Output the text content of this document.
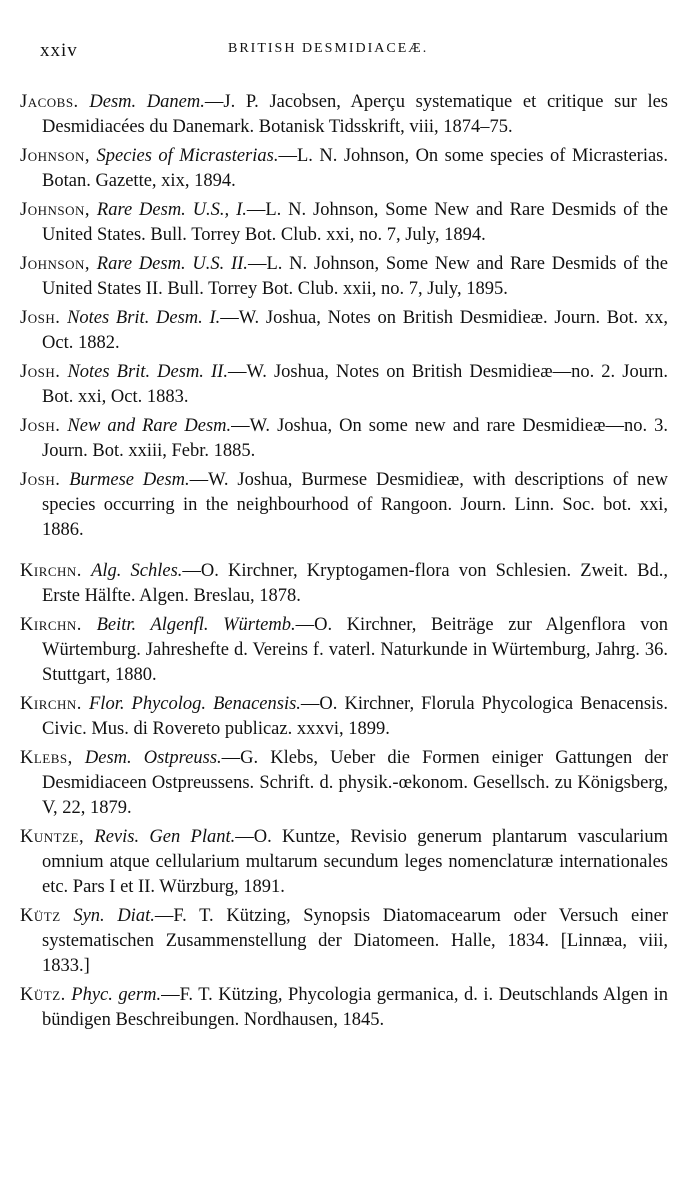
xxiv	BRITISH DESMIDIACEÆ.

Jacobs. Desm. Danem.—J. P. Jacobsen, Aperçu systematique et critique sur les Desmidiacées du Danemark. Botanisk Tidsskrift, viii, 1874–75.

Johnson, Species of Micrasterias.—L. N. Johnson, On some species of Micrasterias. Botan. Gazette, xix, 1894.

Johnson, Rare Desm. U.S., I.—L. N. Johnson, Some New and Rare Desmids of the United States. Bull. Torrey Bot. Club. xxi, no. 7, July, 1894.

Johnson, Rare Desm. U.S. II.—L. N. Johnson, Some New and Rare Desmids of the United States II. Bull. Torrey Bot. Club. xxii, no. 7, July, 1895.

Josh. Notes Brit. Desm. I.—W. Joshua, Notes on British Desmidieæ. Journ. Bot. xx, Oct. 1882.

Josh. Notes Brit. Desm. II.—W. Joshua, Notes on British Desmidieæ—no. 2. Journ. Bot. xxi, Oct. 1883.

Josh. New and Rare Desm.—W. Joshua, On some new and rare Desmidieæ—no. 3. Journ. Bot. xxiii, Febr. 1885.

Josh. Burmese Desm.—W. Joshua, Burmese Desmidieæ, with descriptions of new species occurring in the neighbourhood of Rangoon. Journ. Linn. Soc. bot. xxi, 1886.

Kirchn. Alg. Schles.—O. Kirchner, Kryptogamen-flora von Schlesien. Zweit. Bd., Erste Hälfte. Algen. Breslau, 1878.

Kirchn. Beitr. Algenfl. Würtemb.—O. Kirchner, Beiträge zur Algenflora von Würtemburg. Jahreshefte d. Vereins f. vaterl. Naturkunde in Würtemburg, Jahrg. 36. Stuttgart, 1880.

Kirchn. Flor. Phycolog. Benacensis.—O. Kirchner, Florula Phycologica Benacensis. Civic. Mus. di Rovereto publicaz. xxxvi, 1899.

Klebs, Desm. Ostpreuss.—G. Klebs, Ueber die Formen einiger Gattungen der Desmidiaceen Ostpreussens. Schrift. d. physik.-œkonom. Gesellsch. zu Königsberg, V, 22, 1879.

Kuntze, Revis. Gen Plant.—O. Kuntze, Revisio generum plantarum vascularium omnium atque cellularium multarum secundum leges nomenclaturæ internationales etc. Pars I et II. Würzburg, 1891.

Kütz Syn. Diat.—F. T. Kützing, Synopsis Diatomacearum oder Versuch einer systematischen Zusammenstellung der Diatomeen. Halle, 1834. [Linnæa, viii, 1833.]

Kütz. Phyc. germ.—F. T. Kützing, Phycologia germanica, d. i. Deutschlands Algen in bündigen Beschreibungen. Nordhausen, 1845.
